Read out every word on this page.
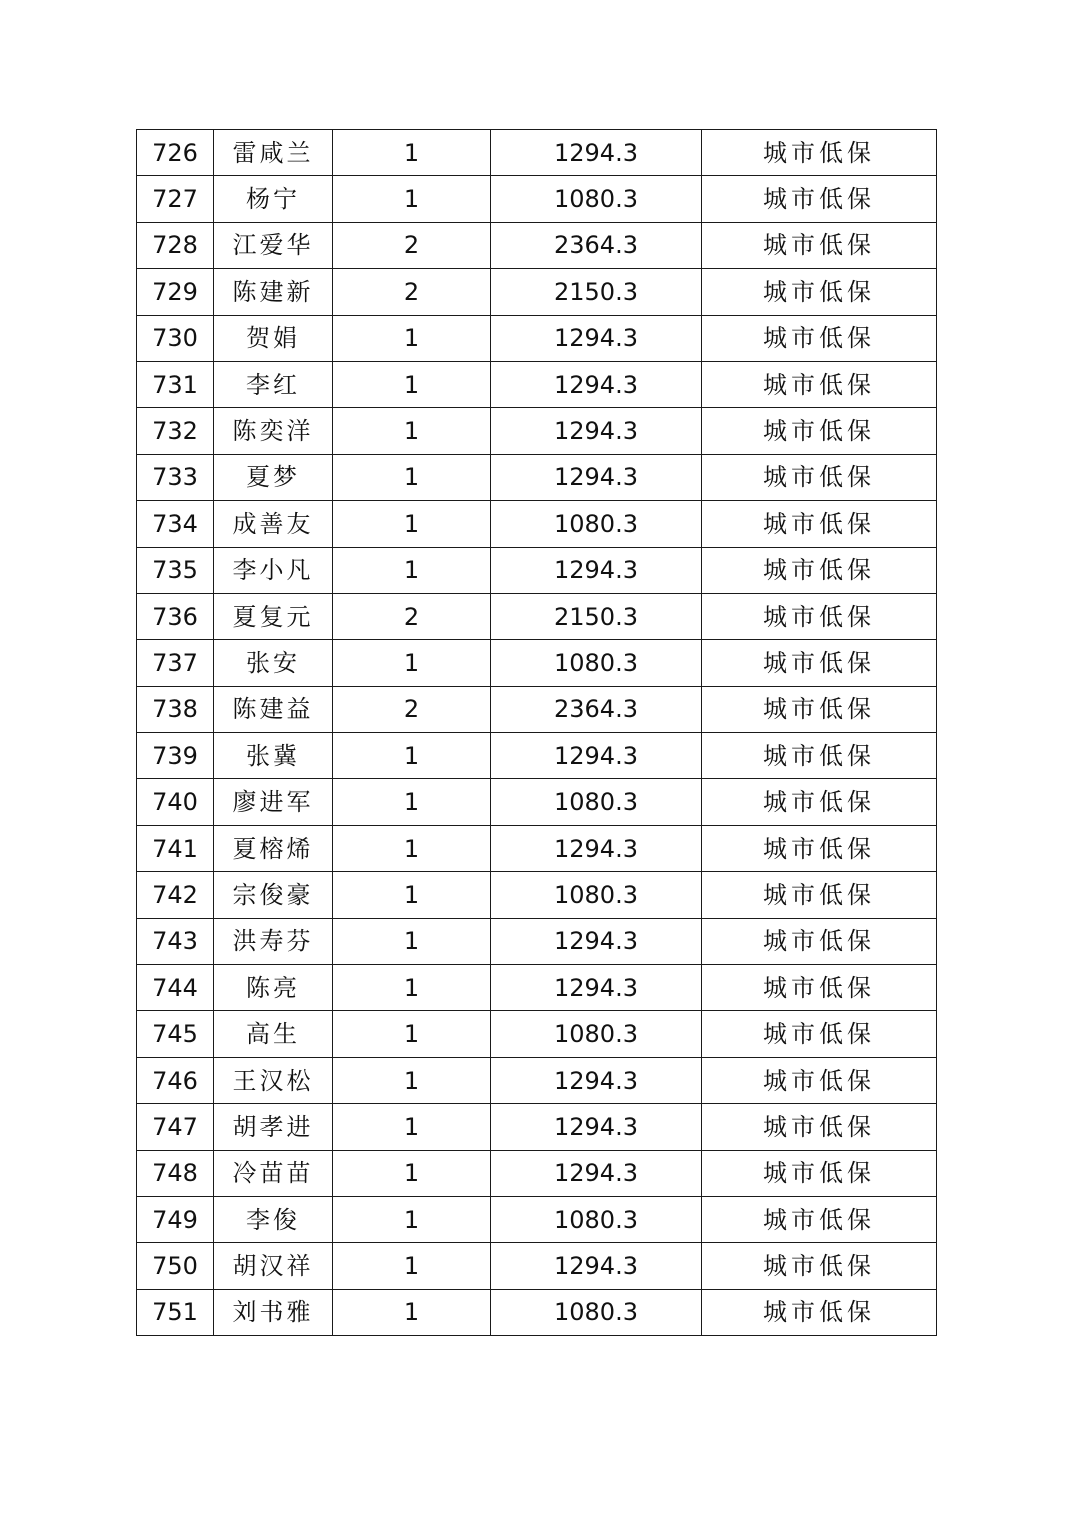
726	雷咸兰	1	1294.3	城市低保
727	杨宁	1	1080.3	城市低保
728	江爱华	2	2364.3	城市低保
729	陈建新	2	2150.3	城市低保
730	贺娟	1	1294.3	城市低保
731	李红	1	1294.3	城市低保
732	陈奕洋	1	1294.3	城市低保
733	夏梦	1	1294.3	城市低保
734	成善友	1	1080.3	城市低保
735	李小凡	1	1294.3	城市低保
736	夏复元	2	2150.3	城市低保
737	张安	1	1080.3	城市低保
738	陈建益	2	2364.3	城市低保
739	张冀	1	1294.3	城市低保
740	廖进军	1	1080.3	城市低保
741	夏榕烯	1	1294.3	城市低保
742	宗俊豪	1	1080.3	城市低保
743	洪寿芬	1	1294.3	城市低保
744	陈亮	1	1294.3	城市低保
745	高生	1	1080.3	城市低保
746	王汉松	1	1294.3	城市低保
747	胡孝进	1	1294.3	城市低保
748	冷苗苗	1	1294.3	城市低保
749	李俊	1	1080.3	城市低保
750	胡汉祥	1	1294.3	城市低保
751	刘书雅	1	1080.3	城市低保
